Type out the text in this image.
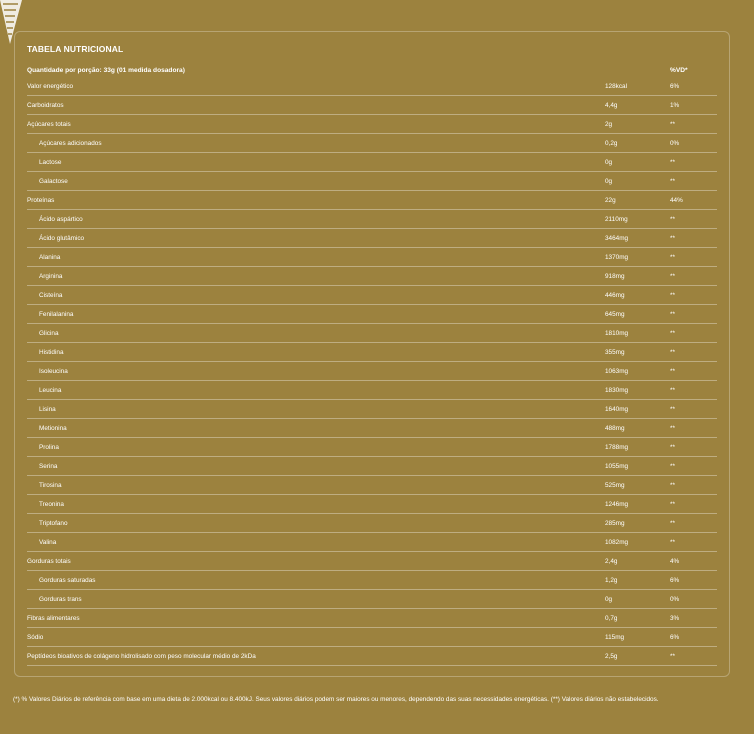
TABELA NUTRICIONAL
Quantidade por porção: 33g (01 medida dosadora)	%VD*
Valor energético	128kcal	6%
Carboidratos	4,4g	1%
Açúcares totais	2g	**
Açúcares adicionados	0,2g	0%
Lactose	0g	**
Galactose	0g	**
Proteínas	22g	44%
Ácido aspártico	2110mg	**
Ácido glutâmico	3464mg	**
Alanina	1370mg	**
Arginina	918mg	**
Cisteína	446mg	**
Fenilalanina	645mg	**
Glicina	1810mg	**
Histidina	355mg	**
Isoleucina	1063mg	**
Leucina	1830mg	**
Lisina	1640mg	**
Metionina	488mg	**
Prolina	1788mg	**
Serina	1055mg	**
Tirosina	525mg	**
Treonina	1246mg	**
Triptofano	285mg	**
Valina	1082mg	**
Gorduras totais	2,4g	4%
Gorduras saturadas	1,2g	6%
Gorduras trans	0g	0%
Fibras alimentares	0,7g	3%
Sódio	115mg	6%
Peptídeos bioativos de colágeno hidrolisado com peso molecular médio de 2kDa	2,5g	**
(*) % Valores Diários de referência com base em uma dieta de 2.000kcal ou 8.400kJ. Seus valores diários podem ser maiores ou menores, dependendo das suas necessidades energéticas. (**) Valores diários não estabelecidos.
